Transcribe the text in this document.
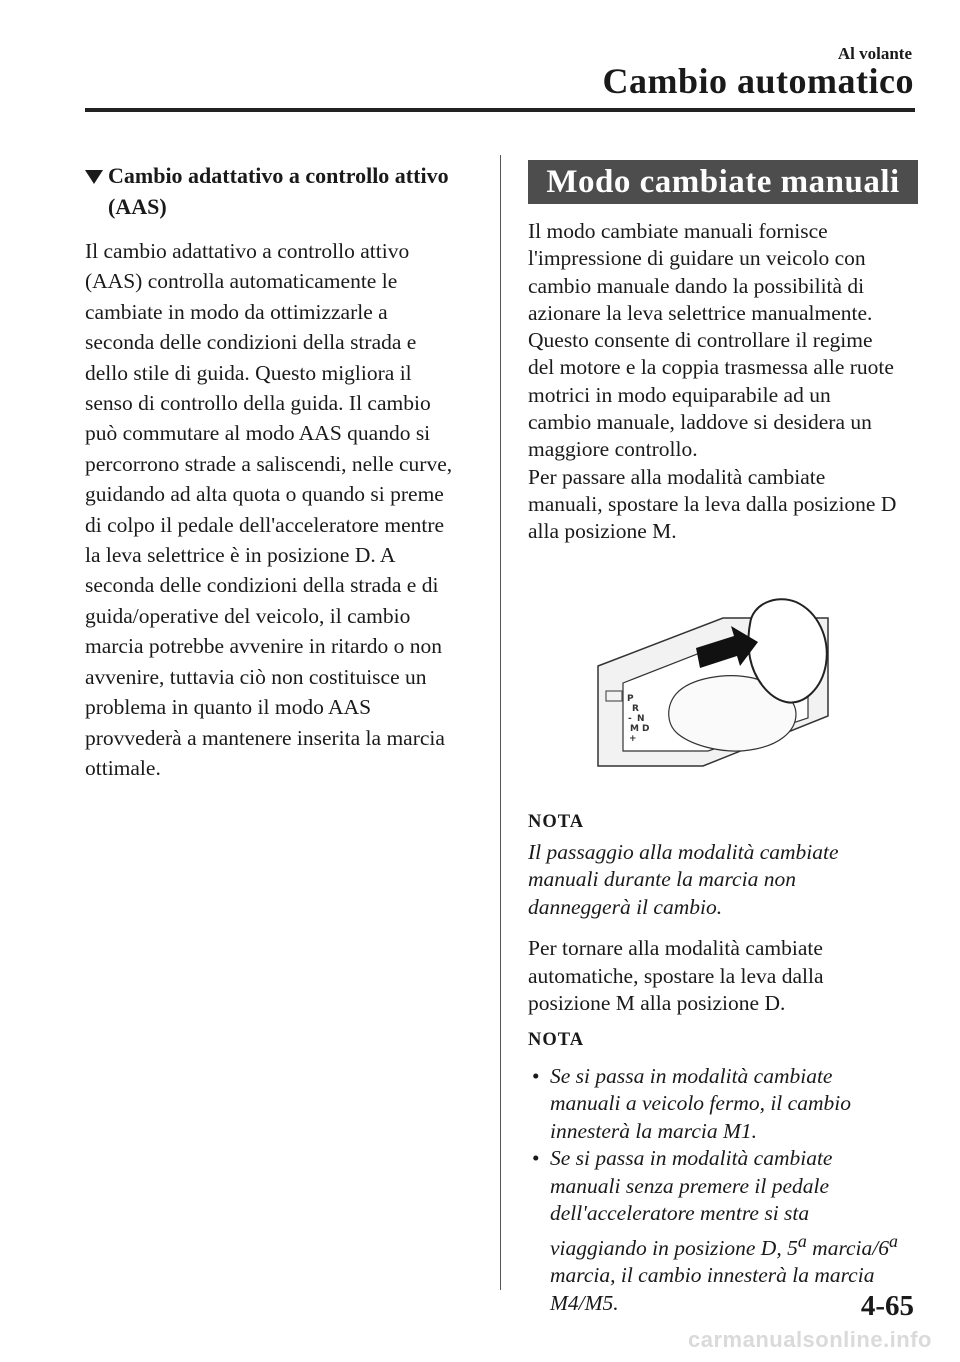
Al volante
Cambio automatico
Cambio adattativo a controllo attivo
(AAS)
Il cambio adattativo a controllo attivo
(AAS) controlla automaticamente le
cambiate in modo da ottimizzarle a
seconda delle condizioni della strada e
dello stile di guida. Questo migliora il
senso di controllo della guida. Il cambio
può commutare al modo AAS quando si
percorrono strade a saliscendi, nelle curve,
guidando ad alta quota o quando si preme
di colpo il pedale dell'acceleratore mentre
la leva selettrice è in posizione D. A
seconda delle condizioni della strada e di
guida/operative del veicolo, il cambio
marcia potrebbe avvenire in ritardo o non
avvenire, tuttavia ciò non costituisce un
problema in quanto il modo AAS
provvederà a mantenere inserita la marcia
ottimale.
Modo cambiate manuali
Il modo cambiate manuali fornisce
l'impressione di guidare un veicolo con
cambio manuale dando la possibilità di
azionare la leva selettrice manualmente.
Questo consente di controllare il regime
del motore e la coppia trasmessa alle ruote
motrici in modo equiparabile ad un
cambio manuale, laddove si desidera un
maggiore controllo.
Per passare alla modalità cambiate
manuali, spostare la leva dalla posizione D
alla posizione M.
P
R
N
D
M
-
+
NOTA
Il passaggio alla modalità cambiate
manuali durante la marcia non
danneggerà il cambio.
Per tornare alla modalità cambiate
automatiche, spostare la leva dalla
posizione M alla posizione D.
NOTA
• Se si passa in modalità cambiate
manuali a veicolo fermo, il cambio
innesterà la marcia M1.
• Se si passa in modalità cambiate
manuali senza premere il pedale
dell'acceleratore mentre si sta
viaggiando in posizione D, 5$^a$ marcia/6$^a$
marcia, il cambio innesterà la marcia
M4/M5.	4-65
carmanualsonline.info
